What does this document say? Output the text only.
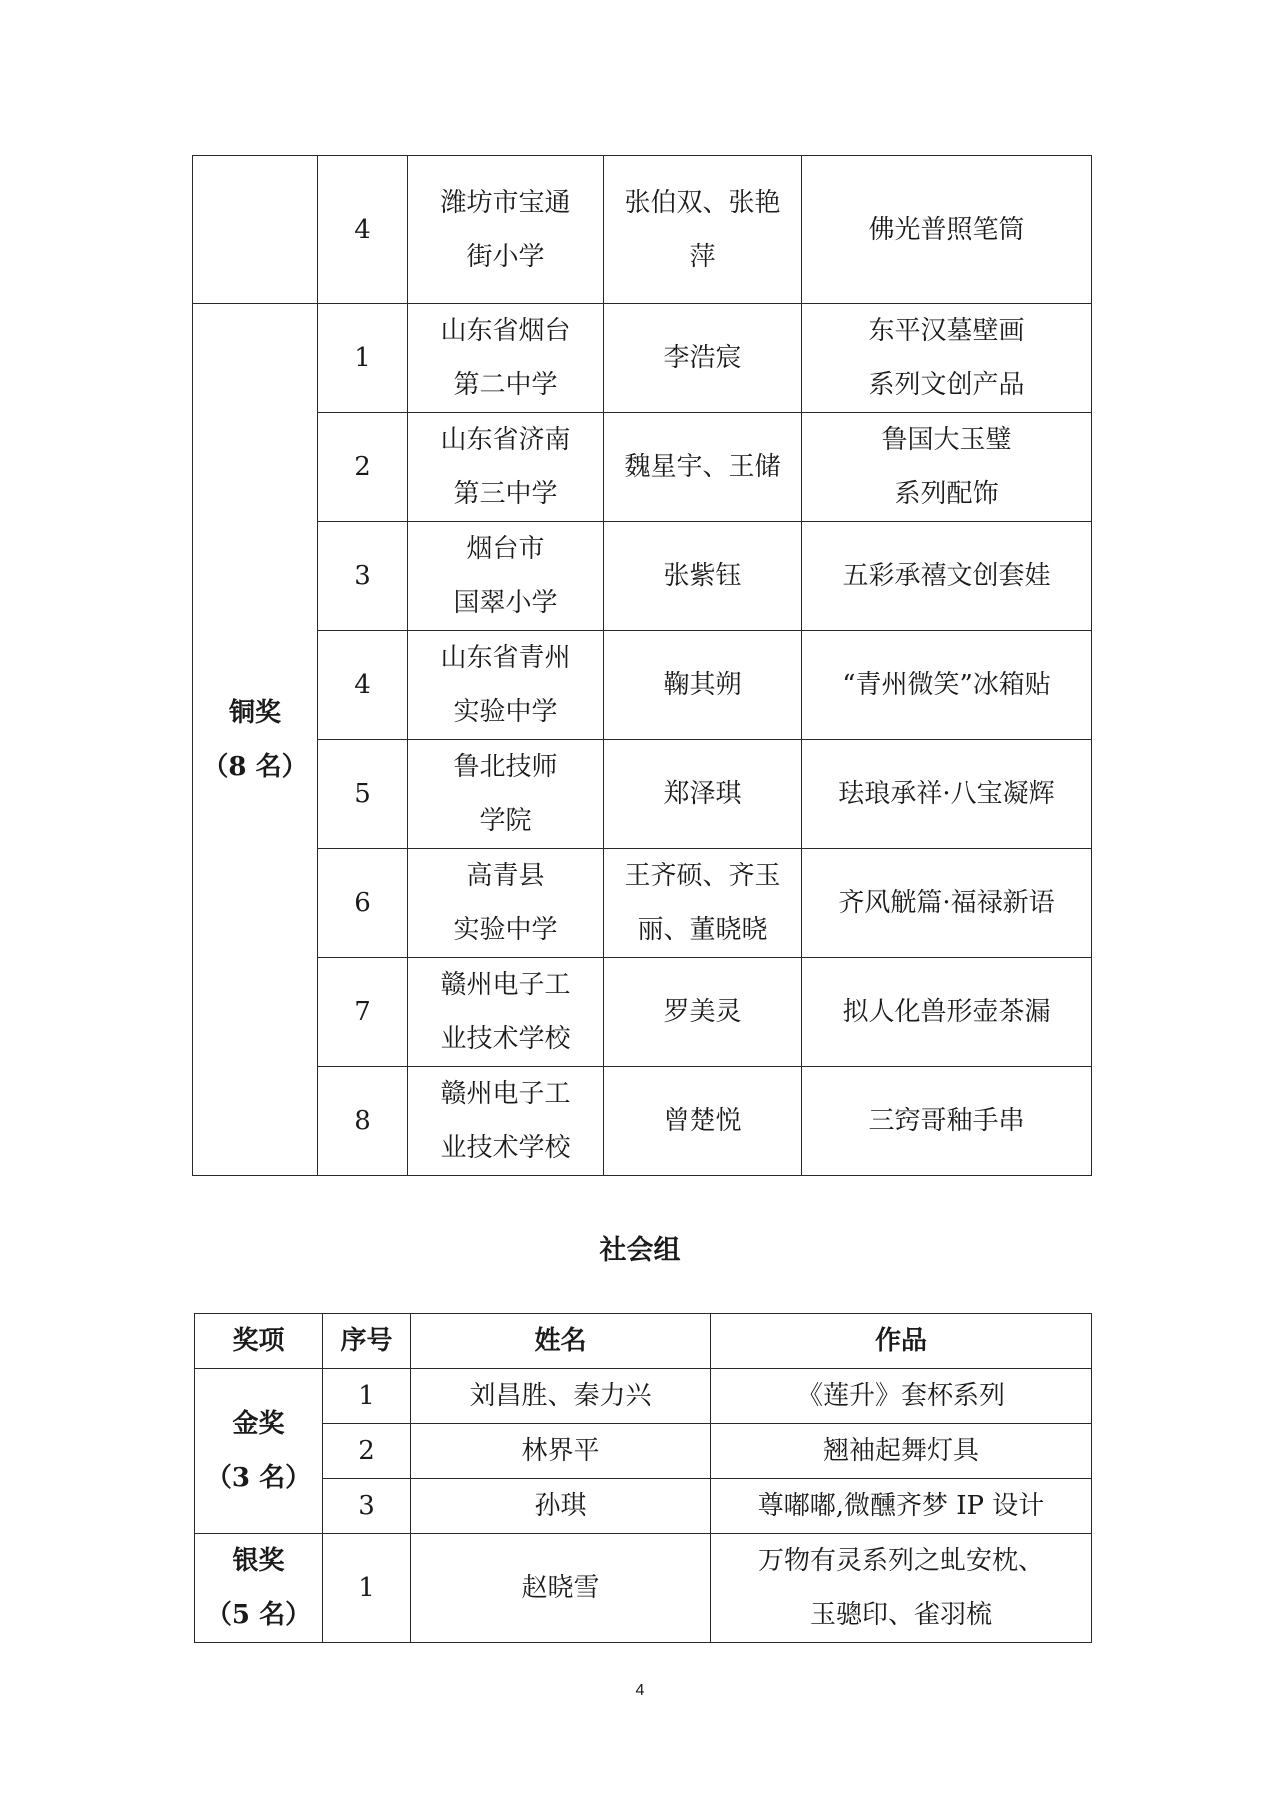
	4	潍坊市宝通
街小学	张伯双、张艳
萍	佛光普照笔筒

铜奖
（8 名）	1	山东省烟台
第二中学	李浩宸	东平汉墓壁画
系列文创产品

	2	山东省济南
第三中学	魏星宇、王储	鲁国大玉璧
系列配饰

	3	烟台市
国翠小学	张紫钰	五彩承禧文创套娃

	4	山东省青州
实验中学	鞠其朔	“青州微笑”冰箱贴

	5	鲁北技师
学院	郑泽琪	珐琅承祥·八宝凝辉

	6	高青县
实验中学	王齐硕、齐玉
丽、董晓晓	齐风觥篇·福禄新语

	7	赣州电子工
业技术学校	罗美灵	拟人化兽形壶茶漏

	8	赣州电子工
业技术学校	曾楚悦	三窍哥釉手串
社会组
奖项	序号	姓名	作品

金奖
（3 名）	1	刘昌胜、秦力兴	《莲升》套杯系列
	2	林界平	翘袖起舞灯具
	3	孙琪	尊嘟嘟,微醺齐梦 IP 设计

银奖
（5 名）	1	赵晓雪	万物有灵系列之虬安枕、
玉骢印、雀羽梳
4
